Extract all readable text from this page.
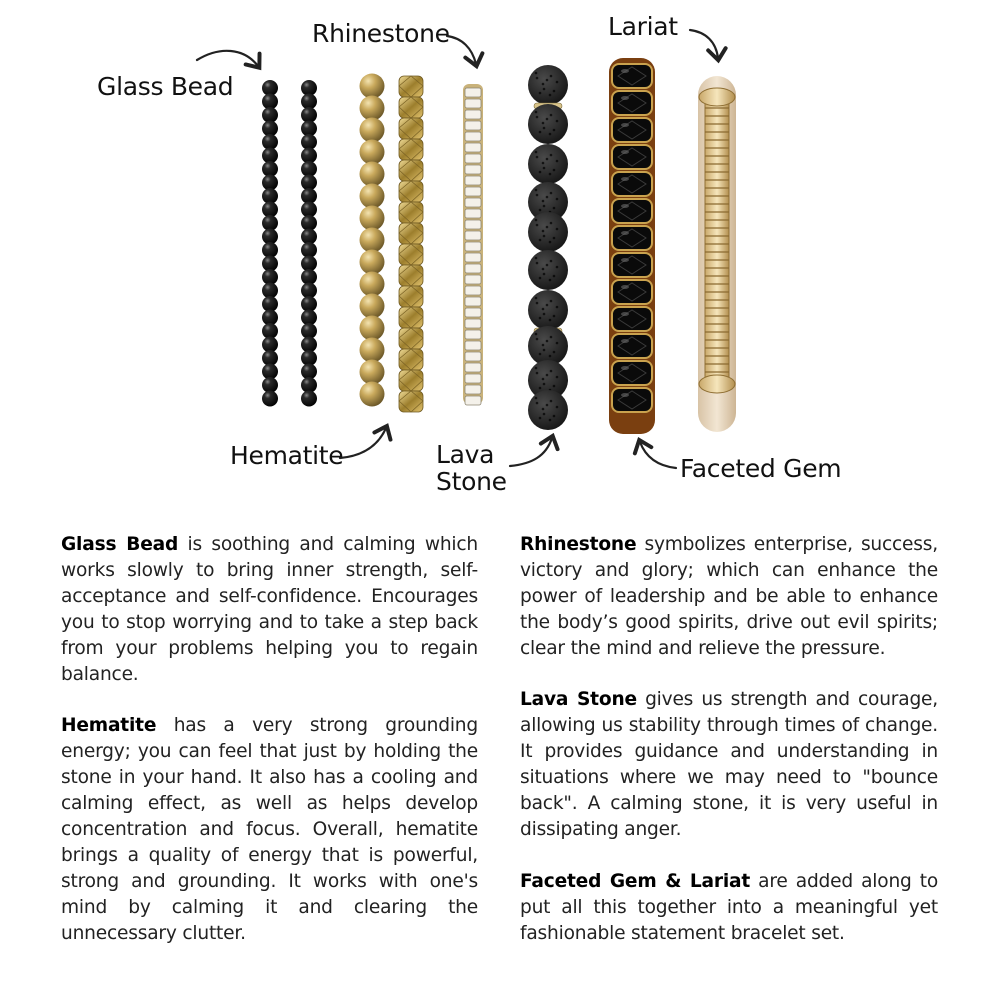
Glass Bead
Rhinestone	Lariat
Hematite	Lava
Stone	Faceted Gem

Glass Bead is soothing and calming which works slowly to bring inner strength, self-acceptance and self-confidence. Encourages you to stop worrying and to take a step back from your problems helping you to regain balance.

Hematite has a very strong grounding energy; you can feel that just by holding the stone in your hand. It also has a cooling and calming effect, as well as helps develop concentration and focus. Overall, hematite brings a quality of energy that is powerful, strong and grounding. It works with one's mind by calming it and clearing the unnecessary clutter.

Rhinestone symbolizes enterprise, success, victory and glory; which can enhance the power of leadership and be able to enhance the body’s good spirits, drive out evil spirits; clear the mind and relieve the pressure.

Lava Stone gives us strength and courage, allowing us stability through times of change. It provides guidance and understanding in situations where we may need to "bounce back". A calming stone, it is very useful in dissipating anger.

Faceted Gem & Lariat are added along to put all this together into a meaningful yet fashionable statement bracelet set.
